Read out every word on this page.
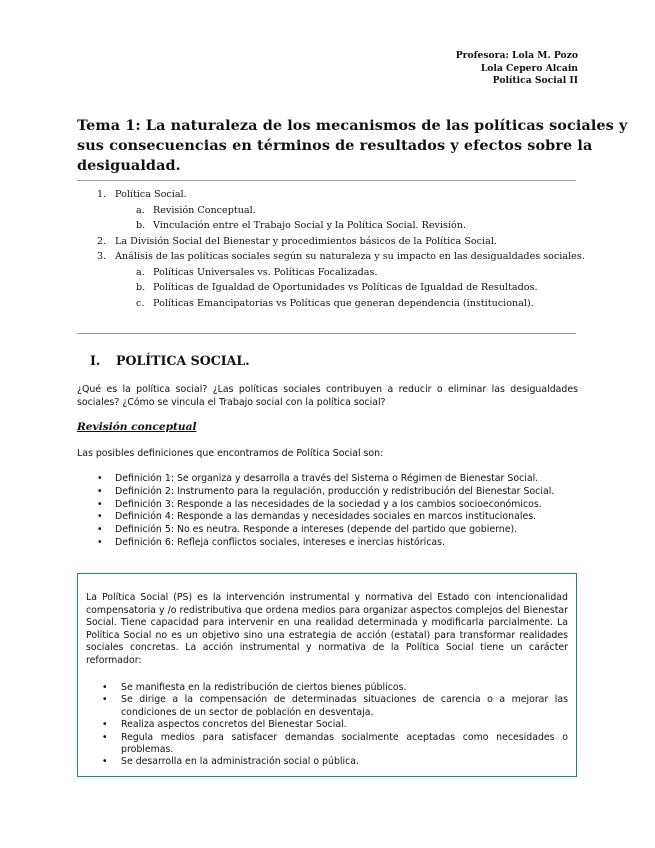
Profesora: Lola M. Pozo
Lola Cepero Alcain
Política Social II
Tema 1: La naturaleza de los mecanismos de las políticas sociales y
sus consecuencias en términos de resultados y efectos sobre la
desigualdad.
1. Política Social.
a. Revisión Conceptual.
b. Vinculación entre el Trabajo Social y la Política Social. Revisión.
2. La División Social del Bienestar y procedimientos básicos de la Política Social.
3. Análisis de las políticas sociales según su naturaleza y su impacto en las desigualdades sociales.
a. Políticas Universales vs. Políticas Focalizadas.
b. Políticas de Igualdad de Oportunidades vs Políticas de Igualdad de Resultados.
c. Políticas Emancipatorias vs Políticas que generan dependencia (institucional).
I. POLÍTICA SOCIAL.
¿Qué es la política social? ¿Las políticas sociales contribuyen a reducir o eliminar las desigualdades
sociales? ¿Cómo se vincula el Trabajo social con la política social?
Revisión conceptual
Las posibles definiciones que encontramos de Política Social son:
• Definición 1: Se organiza y desarrolla a través del Sistema o Régimen de Bienestar Social.
• Definición 2: Instrumento para la regulación, producción y redistribución del Bienestar Social.
• Definición 3: Responde a las necesidades de la sociedad y a los cambios socioeconómicos.
• Definición 4: Responde a las demandas y necesidades sociales en marcos institucionales.
• Definición 5: No es neutra. Responde a intereses (depende del partido que gobierne).
• Definición 6: Refleja conflictos sociales, intereses e inercias históricas.
La Política Social (PS) es la intervención instrumental y normativa del Estado con intencionalidad
compensatoria y /o redistributiva que ordena medios para organizar aspectos complejos del Bienestar
Social. Tiene capacidad para intervenir en una realidad determinada y modificarla parcialmente. La
Política Social no es un objetivo sino una estrategia de acción (estatal) para transformar realidades
sociales concretas. La acción instrumental y normativa de la Política Social tiene un carácter
reformador:
• Se manifiesta en la redistribución de ciertos bienes públicos.
• Se dirige a la compensación de determinadas situaciones de carencia o a mejorar las
condiciones de un sector de población en desventaja.
• Realiza aspectos concretos del Bienestar Social.
• Regula medios para satisfacer demandas socialmente aceptadas como necesidades o
problemas.
• Se desarrolla en la administración social o pública.
